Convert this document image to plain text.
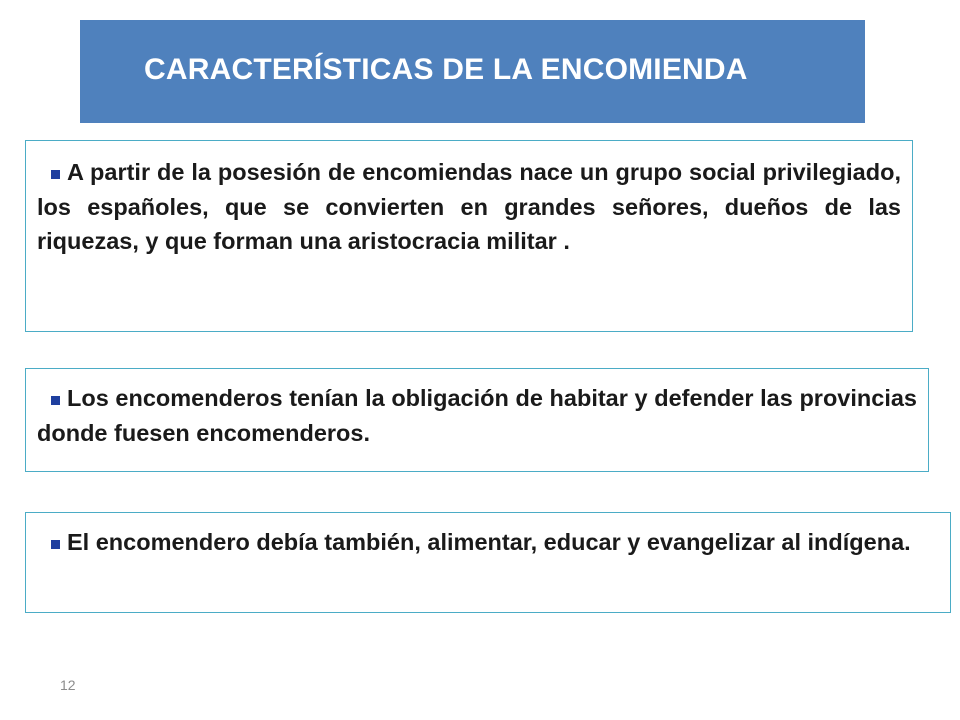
CARACTERÍSTICAS DE LA ENCOMIENDA
A partir de la posesión de encomiendas nace un grupo social privilegiado, los españoles, que se convierten en grandes señores, dueños de las riquezas, y que forman una aristocracia militar .
Los encomenderos tenían la obligación de habitar y defender las provincias donde fuesen encomenderos.
El encomendero debía también, alimentar, educar y evangelizar al indígena.
12
